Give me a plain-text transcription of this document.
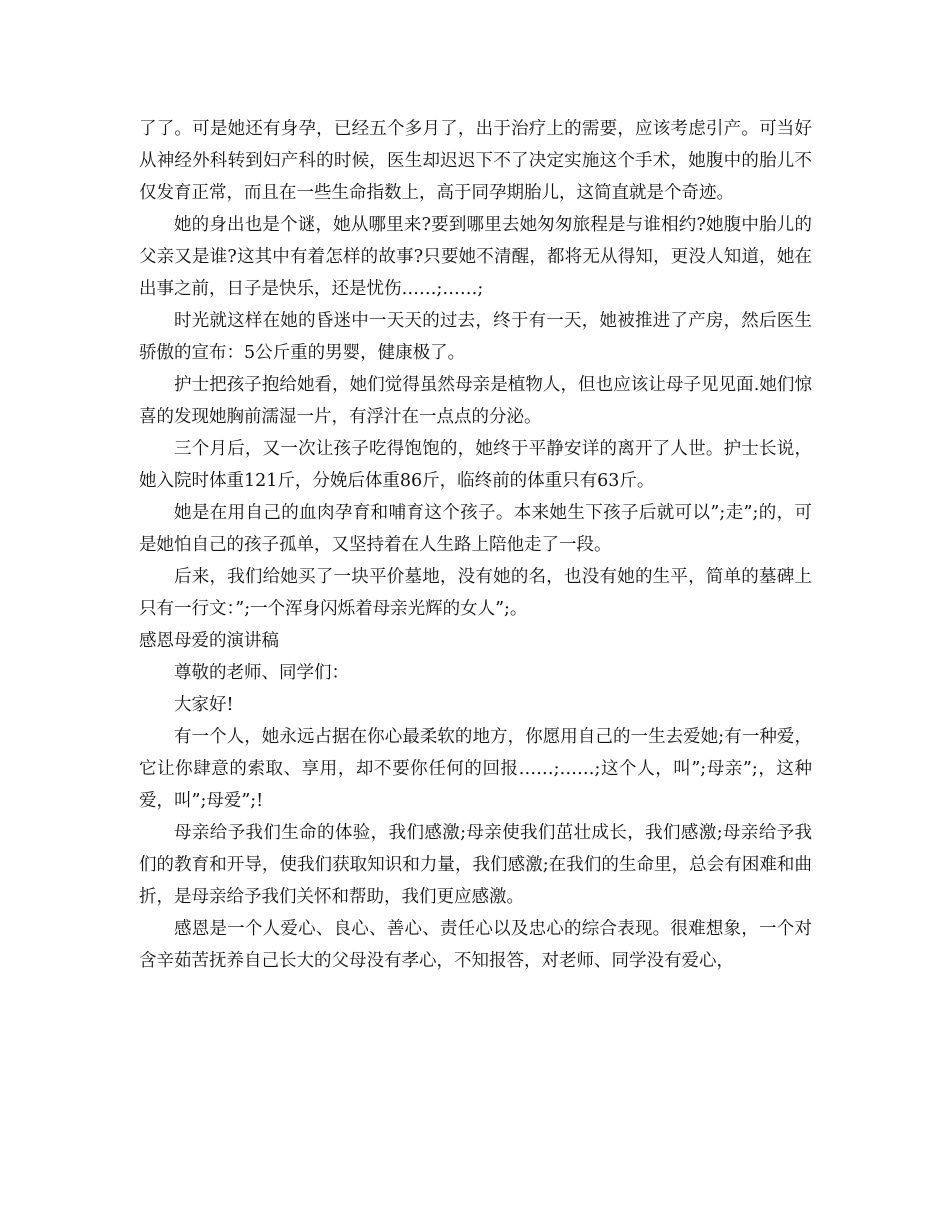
了了。可是她还有身孕，已经五个多月了，出于治疗上的需要，应该考虑引产。可当好从神经外科转到妇产科的时候，医生却迟迟下不了决定实施这个手术，她腹中的胎儿不仅发育正常，而且在一些生命指数上，高于同孕期胎儿，这简直就是个奇迹。

她的身出也是个谜，她从哪里来?要到哪里去她匆匆旅程是与谁相约?她腹中胎儿的父亲又是谁?这其中有着怎样的故事?只要她不清醒，都将无从得知，更没人知道，她在出事之前，日子是快乐，还是忧伤……;……;

时光就这样在她的昏迷中一天天的过去，终于有一天，她被推进了产房，然后医生骄傲的宣布：5公斤重的男婴，健康极了。

护士把孩子抱给她看，她们觉得虽然母亲是植物人，但也应该让母子见见面.她们惊喜的发现她胸前濡湿一片，有浮汁在一点点的分泌。

三个月后，又一次让孩子吃得饱饱的，她终于平静安详的离开了人世。护士长说，她入院时体重121斤，分娩后体重86斤，临终前的体重只有63斤。

她是在用自己的血肉孕育和哺育这个孩子。本来她生下孩子后就可以”;走”;的，可是她怕自己的孩子孤单，又坚持着在人生路上陪他走了一段。

后来，我们给她买了一块平价墓地，没有她的名，也没有她的生平，简单的墓碑上只有一行文：”;一个浑身闪烁着母亲光辉的女人”;。

感恩母爱的演讲稿

尊敬的老师、同学们：

大家好!

有一个人，她永远占据在你心最柔软的地方，你愿用自己的一生去爱她;有一种爱，它让你肆意的索取、享用，却不要你任何的回报……;……;这个人，叫”;母亲”;，这种爱，叫”;母爱”;!

母亲给予我们生命的体验，我们感激;母亲使我们茁壮成长，我们感激;母亲给予我们的教育和开导，使我们获取知识和力量，我们感激;在我们的生命里，总会有困难和曲折，是母亲给予我们关怀和帮助，我们更应感激。

感恩是一个人爱心、良心、善心、责任心以及忠心的综合表现。很难想象，一个对含辛茹苦抚养自己长大的父母没有孝心，不知报答，对老师、同学没有爱心，
